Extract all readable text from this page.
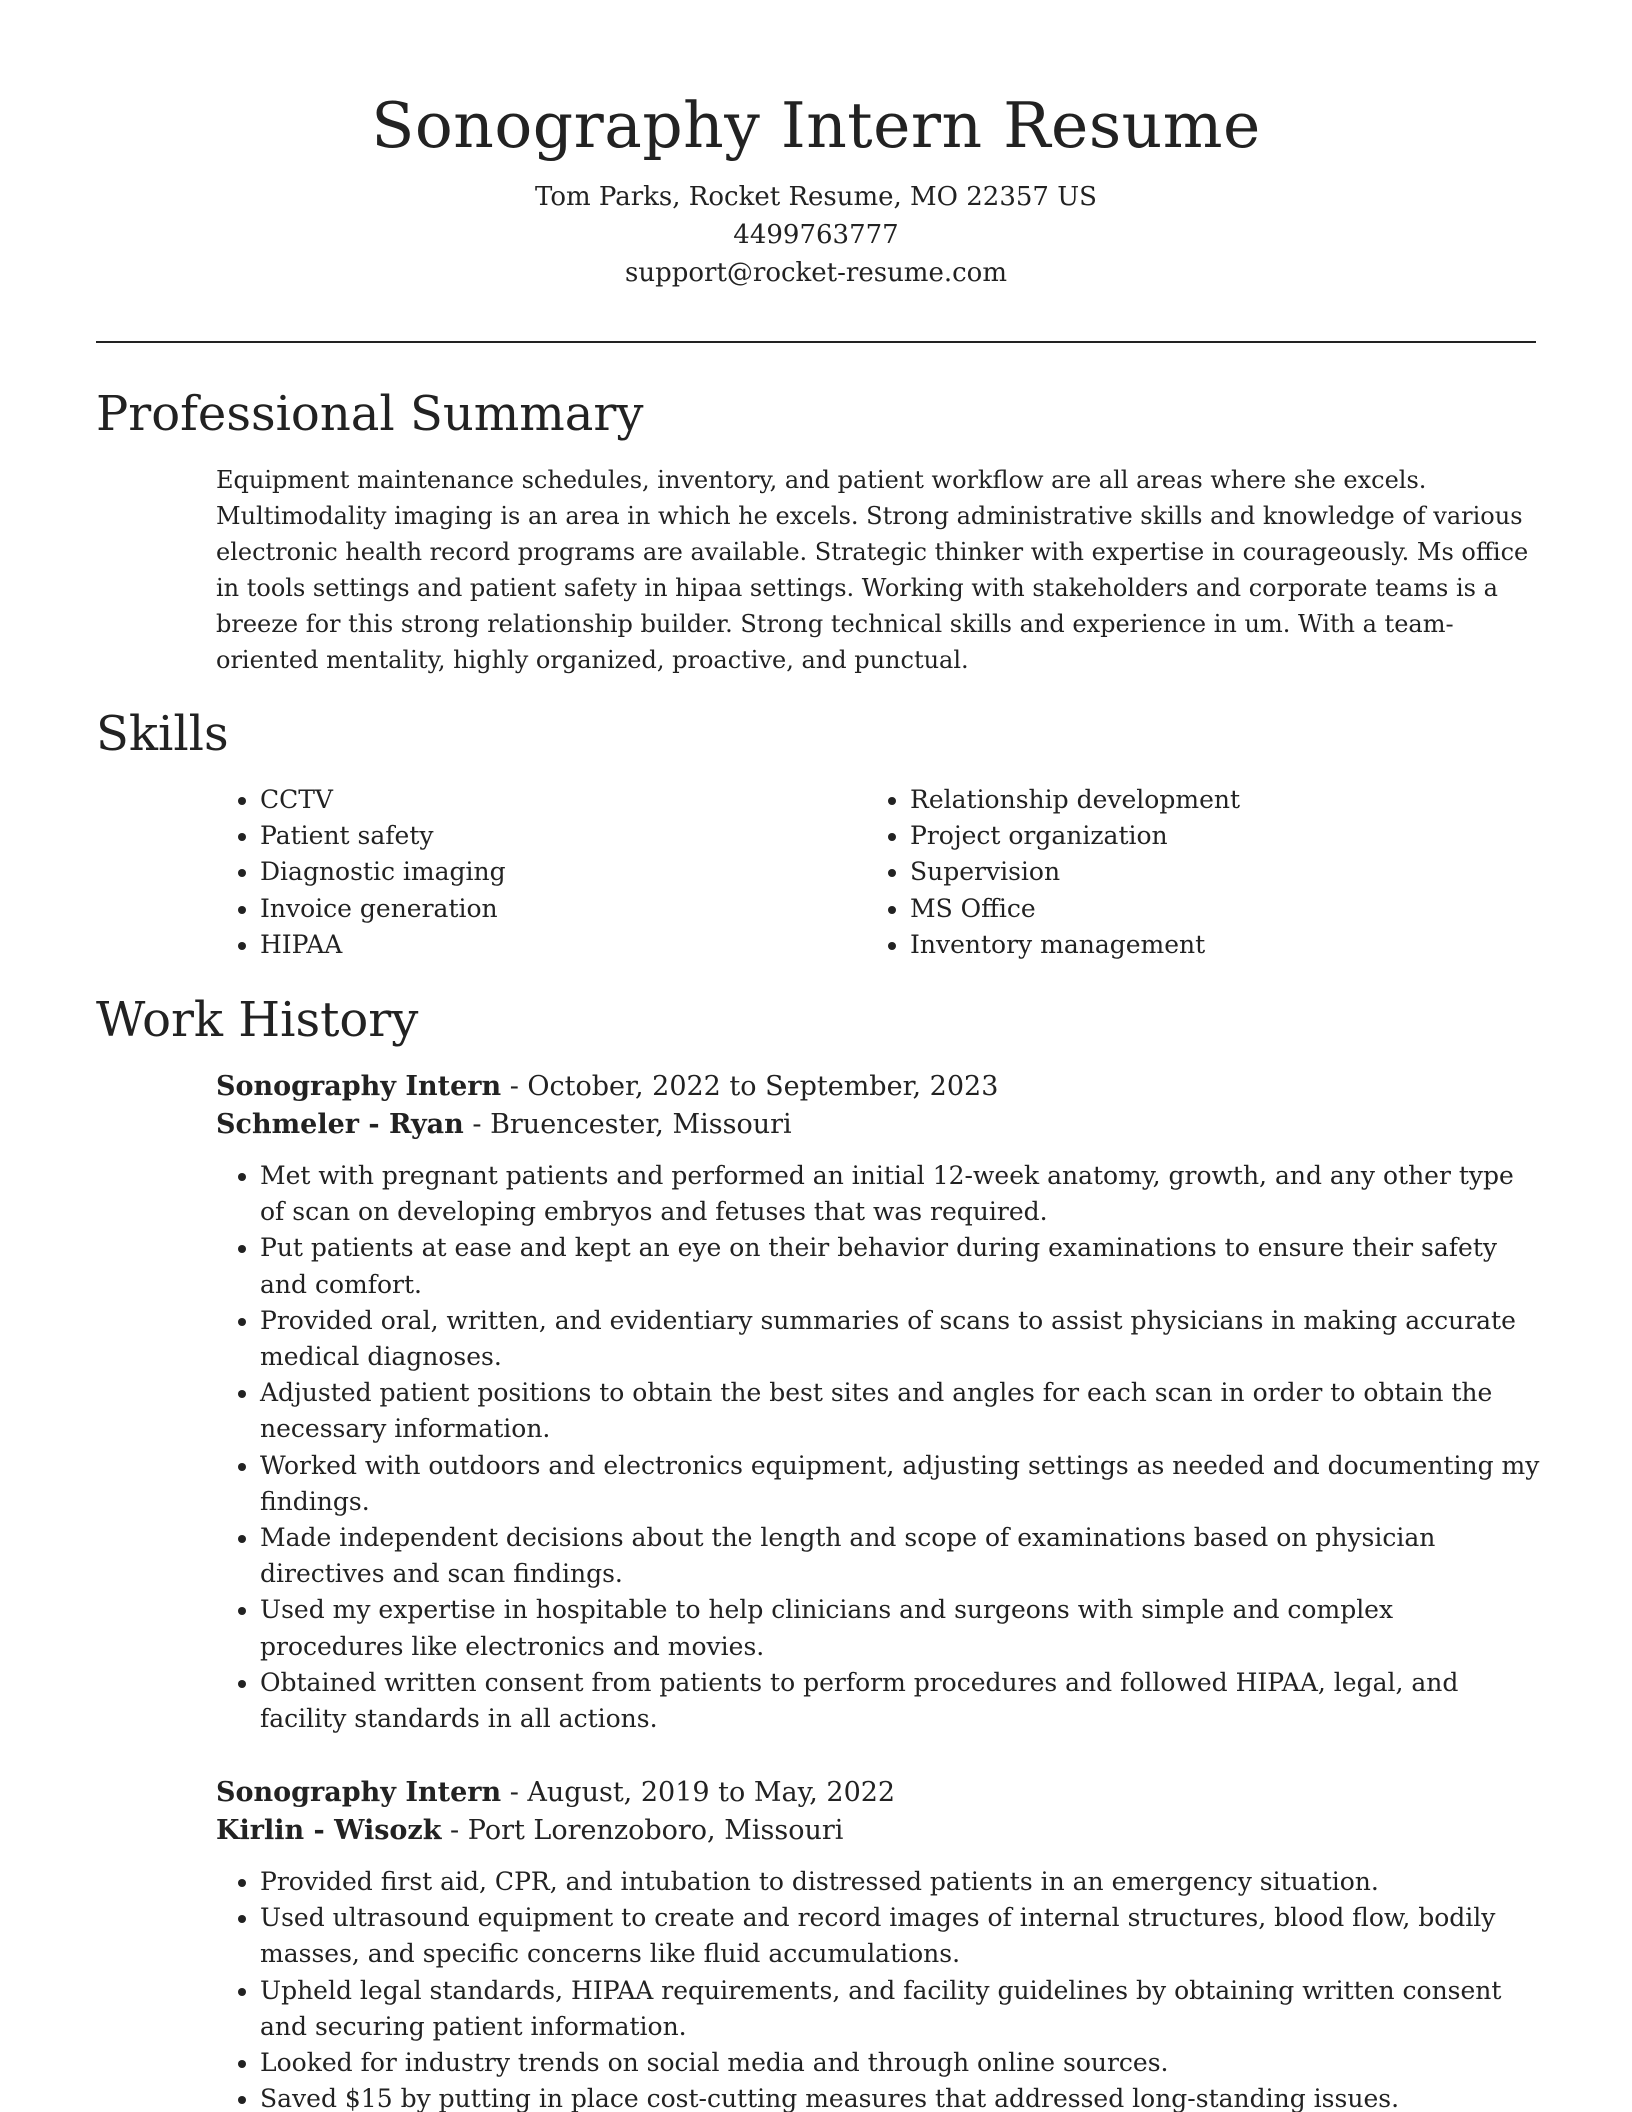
Sonography Intern Resume
Tom Parks, Rocket Resume, MO 22357 US
4499763777
support@rocket-resume.com
Professional Summary

Equipment maintenance schedules, inventory, and patient workflow are all areas where she excels. Multimodality imaging is an area in which he excels. Strong administrative skills and knowledge of various electronic health record programs are available. Strategic thinker with expertise in courageously. Ms office in tools settings and patient safety in hipaa settings. Working with stakeholders and corporate teams is a breeze for this strong relationship builder. Strong technical skills and experience in um. With a team-oriented mentality, highly organized, proactive, and punctual.

Skills
• CCTV
• Patient safety
• Diagnostic imaging
• Invoice generation
• HIPAA
• Relationship development
• Project organization
• Supervision
• MS Office
• Inventory management
Work History
Sonography Intern - October, 2022 to September, 2023
Schmeler - Ryan - Bruencester, Missouri
• Met with pregnant patients and performed an initial 12-week anatomy, growth, and any other type of scan on developing embryos and fetuses that was required.
• Put patients at ease and kept an eye on their behavior during examinations to ensure their safety and comfort.
• Provided oral, written, and evidentiary summaries of scans to assist physicians in making accurate medical diagnoses.
• Adjusted patient positions to obtain the best sites and angles for each scan in order to obtain the necessary information.
• Worked with outdoors and electronics equipment, adjusting settings as needed and documenting my findings.
• Made independent decisions about the length and scope of examinations based on physician directives and scan findings.
• Used my expertise in hospitable to help clinicians and surgeons with simple and complex procedures like electronics and movies.
• Obtained written consent from patients to perform procedures and followed HIPAA, legal, and facility standards in all actions.
Sonography Intern - August, 2019 to May, 2022
Kirlin - Wisozk - Port Lorenzoboro, Missouri
• Provided first aid, CPR, and intubation to distressed patients in an emergency situation.
• Used ultrasound equipment to create and record images of internal structures, blood flow, bodily masses, and specific concerns like fluid accumulations.
• Upheld legal standards, HIPAA requirements, and facility guidelines by obtaining written consent and securing patient information.
• Looked for industry trends on social media and through online sources.
• Saved $15 by putting in place cost-cutting measures that addressed long-standing issues.
